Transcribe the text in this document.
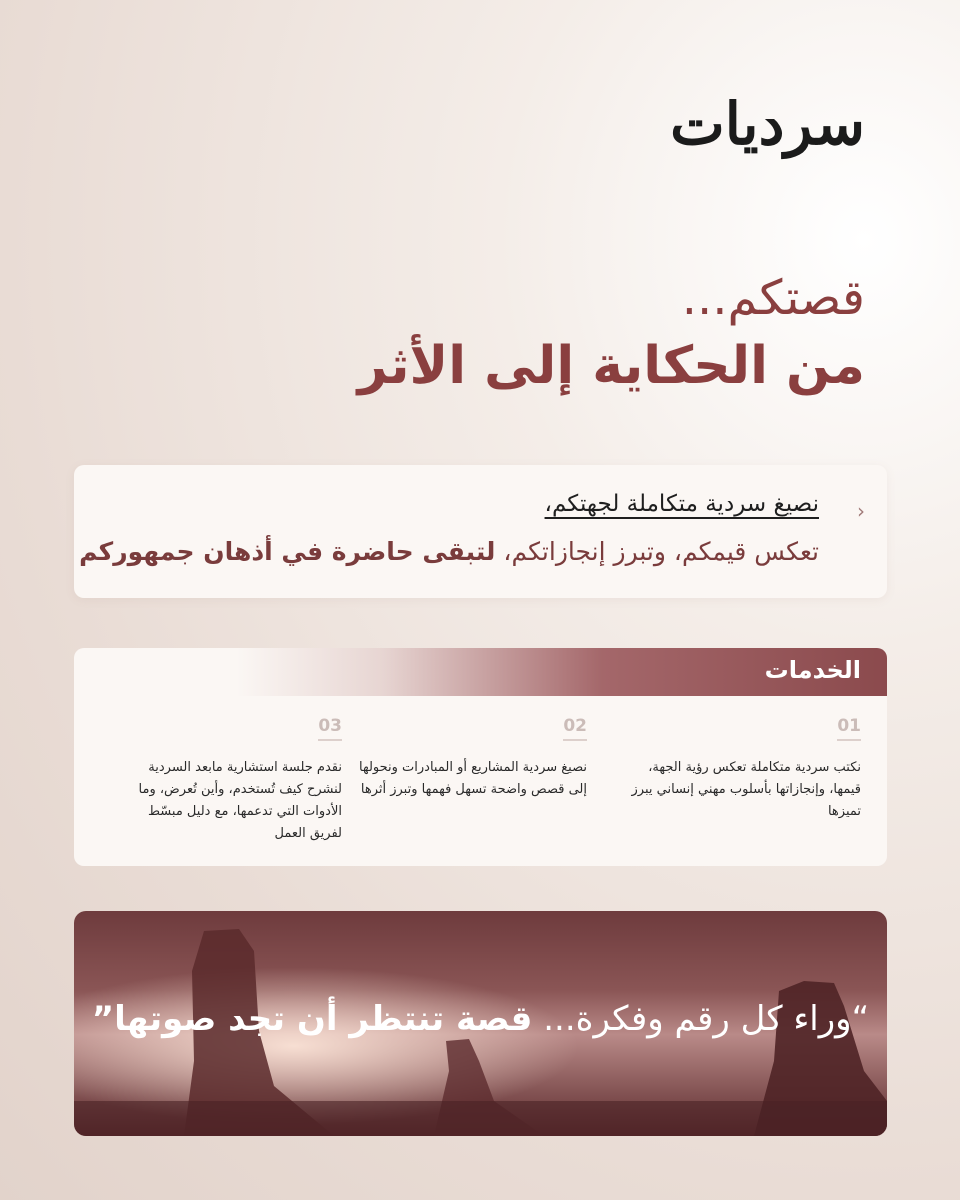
سرديات
قصتكم...
من الحكاية إلى الأثر
‹
نصيغ سردية متكاملة لجهتكم،
تعكس قيمكم، وتبرز إنجازاتكم، لتبقى حاضرة في أذهان جمهوركم
الخدمات
01
نكتب سردية متكاملة تعكس رؤية الجهة، قيمها، وإنجازاتها بأسلوب مهني إنساني يبرز تميزها
02
نصيغ سردية المشاريع أو المبادرات ونحولها إلى قصص واضحة تسهل فهمها وتبرز أثرها
03
نقدم جلسة استشارية مابعد السردية لنشرح كيف تُستخدم، وأين تُعرض، وما الأدوات التي تدعمها، مع دليل مبسّط لفريق العمل
“وراء كل رقم وفكرة... قصة تنتظر أن تجد صوتها”
